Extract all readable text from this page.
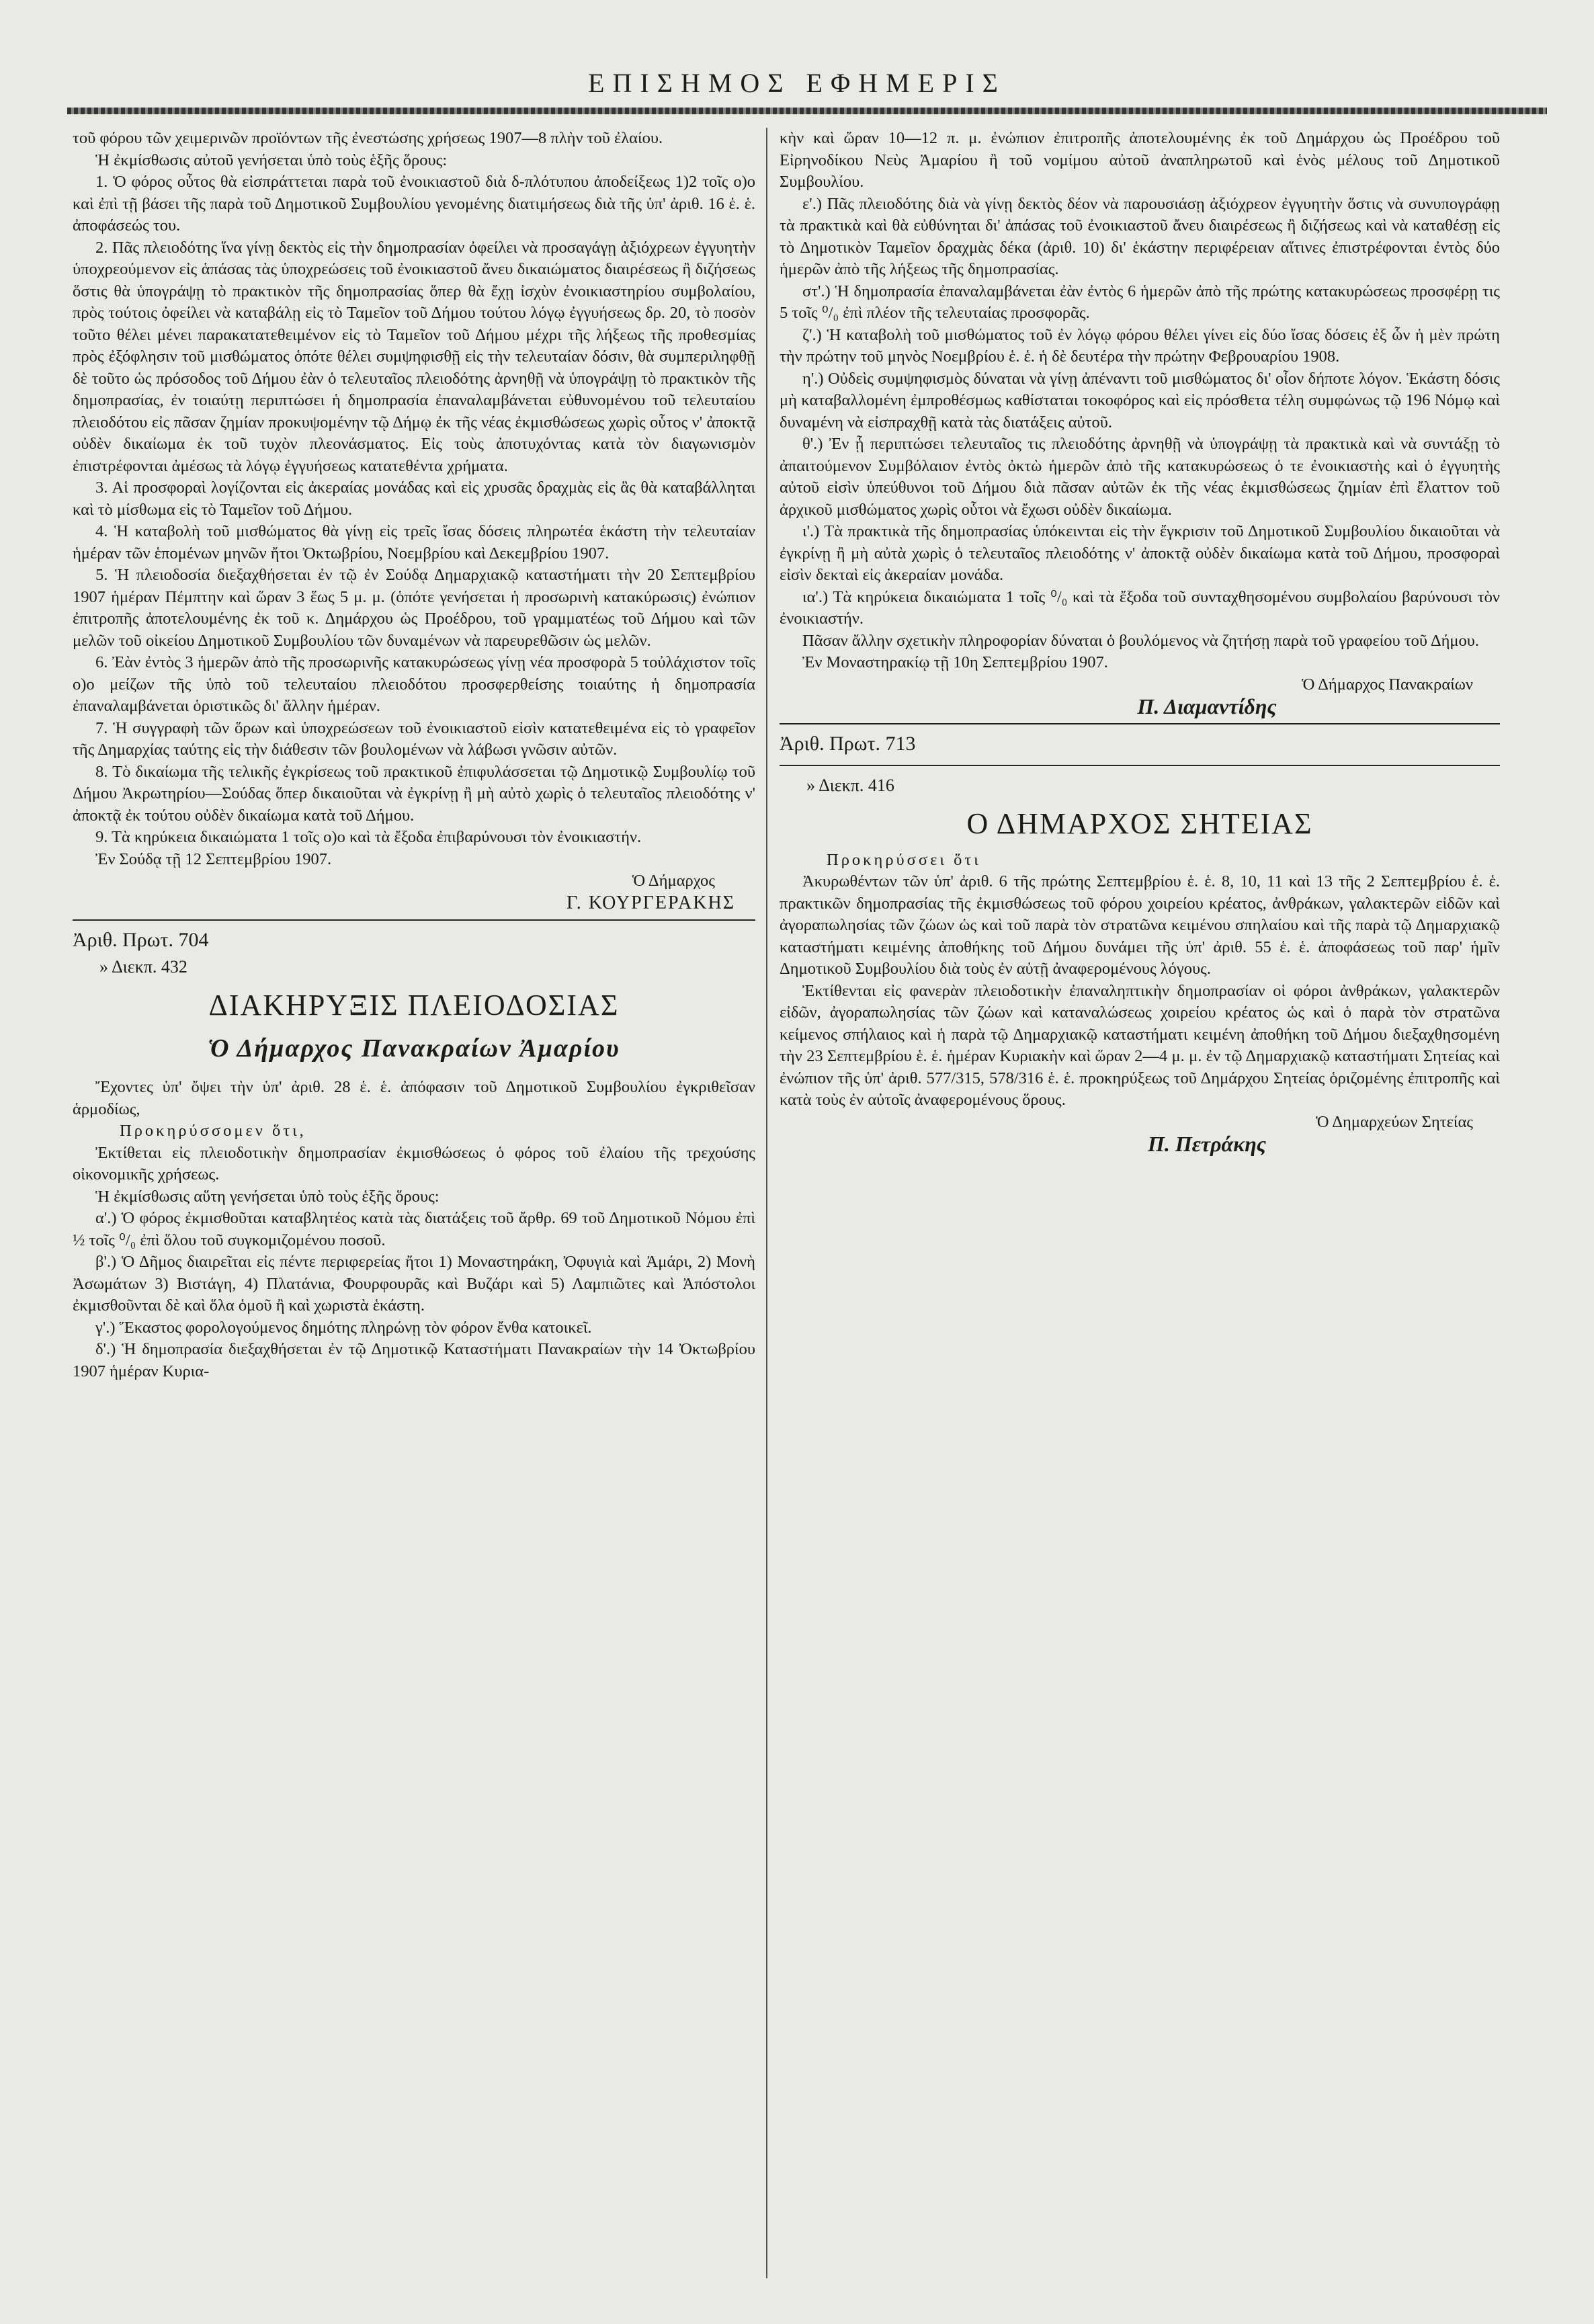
ΕΠΙΣΗΜΟΣ ΕΦΗΜΕΡΙΣ

τοῦ φόρου τῶν χειμερινῶν προϊόντων τῆς ἐνεστώσης χρήσεως 1907—8 πλὴν τοῦ ἐλαίου.

Ἡ ἐκμίσθωσις αὐτοῦ γενήσεται ὑπὸ τοὺς ἑξῆς ὅρους:

1. Ὁ φόρος οὗτος θὰ εἰσπράττεται παρὰ τοῦ ἐνοικιαστοῦ διὰ δ-πλότυπου ἀποδείξεως 1)2 τοῖς ο)ο καὶ ἐπὶ τῇ βάσει τῆς παρὰ τοῦ Δημοτικοῦ Συμβουλίου γενομένης διατιμήσεως διὰ τῆς ὑπ' ἀριθ. 16 ἑ. ἑ. ἀποφάσεώς του.

2. Πᾶς πλειοδότης ἵνα γίνῃ δεκτὸς εἰς τὴν δημοπρασίαν ὀφείλει νὰ προσαγάγῃ ἀξιόχρεων ἐγγυητὴν ὑποχρεούμενον εἰς ἁπάσας τὰς ὑποχρεώσεις τοῦ ἐνοικιαστοῦ ἄνευ δικαιώματος διαιρέσεως ἢ διζήσεως ὅστις θὰ ὑπογράψῃ τὸ πρακτικὸν τῆς δημοπρασίας ὅπερ θὰ ἔχῃ ἰσχὺν ἐνοικιαστηρίου συμβολαίου, πρὸς τούτοις ὀφείλει νὰ καταβάλῃ εἰς τὸ Ταμεῖον τοῦ Δήμου τούτου λόγῳ ἐγγυήσεως δρ. 20, τὸ ποσὸν τοῦτο θέλει μένει παρακατατεθειμένον εἰς τὸ Ταμεῖον τοῦ Δήμου μέχρι τῆς λήξεως τῆς προθεσμίας πρὸς ἐξόφλησιν τοῦ μισθώματος ὁπότε θέλει συμψηφισθῇ εἰς τὴν τελευταίαν δόσιν, θὰ συμπεριληφθῇ δὲ τοῦτο ὡς πρόσοδος τοῦ Δήμου ἐὰν ὁ τελευταῖος πλειοδότης ἀρνηθῇ νὰ ὑπογράψῃ τὸ πρακτικὸν τῆς δημοπρασίας, ἐν τοιαύτῃ περιπτώσει ἡ δημοπρασία ἐπαναλαμβάνεται εὐθυνομένου τοῦ τελευταίου πλειοδότου εἰς πᾶσαν ζημίαν προκυψομένην τῷ Δήμῳ ἐκ τῆς νέας ἐκμισθώσεως χωρὶς οὗτος ν' ἀποκτᾷ οὐδὲν δικαίωμα ἐκ τοῦ τυχὸν πλεονάσματος. Εἰς τοὺς ἀποτυχόντας κατὰ τὸν διαγωνισμὸν ἐπιστρέφονται ἀμέσως τὰ λόγῳ ἐγγυήσεως κατατεθέντα χρήματα.

3. Αἱ προσφοραὶ λογίζονται εἰς ἀκεραίας μονάδας καὶ εἰς χρυσᾶς δραχμὰς εἰς ἃς θὰ καταβάλληται καὶ τὸ μίσθωμα εἰς τὸ Ταμεῖον τοῦ Δήμου.

4. Ἡ καταβολὴ τοῦ μισθώματος θὰ γίνῃ εἰς τρεῖς ἴσας δόσεις πληρωτέα ἑκάστη τὴν τελευταίαν ἡμέραν τῶν ἑπομένων μηνῶν ἤτοι Ὀκτωβρίου, Νοεμβρίου καὶ Δεκεμβρίου 1907.

5. Ἡ πλειοδοσία διεξαχθήσεται ἐν τῷ ἐν Σούδᾳ Δημαρχιακῷ καταστήματι τὴν 20 Σεπτεμβρίου 1907 ἡμέραν Πέμπτην καὶ ὥραν 3 ἕως 5 μ. μ. (ὁπότε γενήσεται ἡ προσωρινὴ κατακύρωσις) ἐνώπιον ἐπιτροπῆς ἀποτελουμένης ἐκ τοῦ κ. Δημάρχου ὡς Προέδρου, τοῦ γραμματέως τοῦ Δήμου καὶ τῶν μελῶν τοῦ οἰκείου Δημοτικοῦ Συμβουλίου τῶν δυναμένων νὰ παρευρεθῶσιν ὡς μελῶν.

6. Ἐὰν ἐντὸς 3 ἡμερῶν ἀπὸ τῆς προσωρινῆς κατακυρώσεως γίνῃ νέα προσφορὰ 5 τοὐλάχιστον τοῖς ο)ο μείζων τῆς ὑπὸ τοῦ τελευταίου πλειοδότου προσφερθείσης τοιαύτης ἡ δημοπρασία ἐπαναλαμβάνεται ὁριστικῶς δι' ἄλλην ἡμέραν.

7. Ἡ συγγραφὴ τῶν ὅρων καὶ ὑποχρεώσεων τοῦ ἐνοικιαστοῦ εἰσὶν κατατεθειμένα εἰς τὸ γραφεῖον τῆς Δημαρχίας ταύτης εἰς τὴν διάθεσιν τῶν βουλομένων νὰ λάβωσι γνῶσιν αὐτῶν.

8. Τὸ δικαίωμα τῆς τελικῆς ἐγκρίσεως τοῦ πρακτικοῦ ἐπιφυλάσσεται τῷ Δημοτικῷ Συμβουλίῳ τοῦ Δήμου Ἀκρωτηρίου—Σούδας ὅπερ δικαιοῦται νὰ ἐγκρίνῃ ἢ μὴ αὐτὸ χωρὶς ὁ τελευταῖος πλειοδότης ν' ἀποκτᾷ ἐκ τούτου οὐδὲν δικαίωμα κατὰ τοῦ Δήμου.

9. Τὰ κηρύκεια δικαιώματα 1 τοῖς ο)ο καὶ τὰ ἔξοδα ἐπιβαρύνουσι τὸν ἐνοικιαστήν.

Ἐν Σούδᾳ τῇ 12 Σεπτεμβρίου 1907.

Ὁ Δήμαρχος

Γ. ΚΟΥΡΓΕΡΑΚΗΣ

Ἀριθ. Πρωτ. 704

» Διεκπ. 432

ΔΙΑΚΗΡΥΞΙΣ ΠΛΕΙΟΔΟΣΙΑΣ

Ὁ Δήμαρχος Πανακραίων Ἀμαρίου

Ἔχοντες ὑπ' ὄψει τὴν ὑπ' ἀριθ. 28 ἑ. ἑ. ἀπόφασιν τοῦ Δημοτικοῦ Συμβουλίου ἐγκριθεῖσαν ἁρμοδίως,

Προκηρύσσομεν ὅτι,

Ἐκτίθεται εἰς πλειοδοτικὴν δημοπρασίαν ἐκμισθώσεως ὁ φόρος τοῦ ἐλαίου τῆς τρεχούσης οἰκονομικῆς χρήσεως.

Ἡ ἐκμίσθωσις αὕτη γενήσεται ὑπὸ τοὺς ἑξῆς ὅρους:

α'.) Ὁ φόρος ἐκμισθοῦται καταβλητέος κατὰ τὰς διατάξεις τοῦ ἄρθρ. 69 τοῦ Δημοτικοῦ Νόμου ἐπὶ ½ τοῖς ⁰/₀ ἐπὶ ὅλου τοῦ συγκομιζομένου ποσοῦ.

β'.) Ὁ Δῆμος διαιρεῖται εἰς πέντε περιφερείας ἤτοι 1) Μοναστηράκη, Ὀφυγιὰ καὶ Ἀμάρι, 2) Μονὴ Ἀσωμάτων 3) Βιστάγη, 4) Πλατάνια, Φουρφουρᾶς καὶ Βυζάρι καὶ 5) Λαμπιῶτες καὶ Ἀπόστολοι ἐκμισθοῦνται δὲ καὶ ὅλα ὁμοῦ ἢ καὶ χωριστὰ ἑκάστη.

γ'.) Ἕκαστος φορολογούμενος δημότης πληρώνῃ τὸν φόρον ἔνθα κατοικεῖ.

δ'.) Ἡ δημοπρασία διεξαχθήσεται ἐν τῷ Δημοτικῷ Καταστήματι Πανακραίων τὴν 14 Ὀκτωβρίου 1907 ἡμέραν Κυρια-

κὴν καὶ ὥραν 10—12 π. μ. ἐνώπιον ἐπιτροπῆς ἀποτελουμένης ἐκ τοῦ Δημάρχου ὡς Προέδρου τοῦ Εἰρηνοδίκου Νεὺς Ἀμαρίου ἢ τοῦ νομίμου αὐτοῦ ἀναπληρωτοῦ καὶ ἑνὸς μέλους τοῦ Δημοτικοῦ Συμβουλίου.

ε'.) Πᾶς πλειοδότης διὰ νὰ γίνῃ δεκτὸς δέον νὰ παρουσιάσῃ ἀξιόχρεον ἐγγυητὴν ὅστις νὰ συνυπογράφῃ τὰ πρακτικὰ καὶ θὰ εὐθύνηται δι' ἁπάσας τοῦ ἐνοικιαστοῦ ἄνευ διαιρέσεως ἢ διζήσεως καὶ νὰ καταθέσῃ εἰς τὸ Δημοτικὸν Ταμεῖον δραχμὰς δέκα (ἀριθ. 10) δι' ἑκάστην περιφέρειαν αἵτινες ἐπιστρέφονται ἐντὸς δύο ἡμερῶν ἀπὸ τῆς λήξεως τῆς δημοπρασίας.

στ'.) Ἡ δημοπρασία ἐπαναλαμβάνεται ἐὰν ἐντὸς 6 ἡμερῶν ἀπὸ τῆς πρώτης κατακυρώσεως προσφέρῃ τις 5 τοῖς ⁰/₀ ἐπὶ πλέον τῆς τελευταίας προσφορᾶς.

ζ'.) Ἡ καταβολὴ τοῦ μισθώματος τοῦ ἐν λόγῳ φόρου θέλει γίνει εἰς δύο ἴσας δόσεις ἐξ ὧν ἡ μὲν πρώτη τὴν πρώτην τοῦ μηνὸς Νοεμβρίου ἑ. ἑ. ἡ δὲ δευτέρα τὴν πρώτην Φεβρουαρίου 1908.

η'.) Οὐδεὶς συμψηφισμὸς δύναται νὰ γίνῃ ἀπέναντι τοῦ μισθώματος δι' οἷον δήποτε λόγον. Ἑκάστη δόσις μὴ καταβαλλομένη ἐμπροθέσμως καθίσταται τοκοφόρος καὶ εἰς πρόσθετα τέλη συμφώνως τῷ 196 Νόμῳ καὶ δυναμένη νὰ εἰσπραχθῇ κατὰ τὰς διατάξεις αὐτοῦ.

θ'.) Ἐν ᾗ περιπτώσει τελευταῖος τις πλειοδότης ἀρνηθῇ νὰ ὑπογράψῃ τὰ πρακτικὰ καὶ νὰ συντάξῃ τὸ ἀπαιτούμενον Συμβόλαιον ἐντὸς ὀκτὼ ἡμερῶν ἀπὸ τῆς κατακυρώσεως ὁ τε ἐνοικιαστὴς καὶ ὁ ἐγγυητὴς αὐτοῦ εἰσὶν ὑπεύθυνοι τοῦ Δήμου διὰ πᾶσαν αὐτῶν ἐκ τῆς νέας ἐκμισθώσεως ζημίαν ἐπὶ ἔλαττον τοῦ ἀρχικοῦ μισθώματος χωρὶς οὗτοι νὰ ἔχωσι οὐδὲν δικαίωμα.

ι'.) Τὰ πρακτικὰ τῆς δημοπρασίας ὑπόκεινται εἰς τὴν ἔγκρισιν τοῦ Δημοτικοῦ Συμβουλίου δικαιοῦται νὰ ἐγκρίνῃ ἢ μὴ αὐτὰ χωρὶς ὁ τελευταῖος πλειοδότης ν' ἀποκτᾷ οὐδὲν δικαίωμα κατὰ τοῦ Δήμου, προσφοραὶ εἰσὶν δεκταὶ εἰς ἀκεραίαν μονάδα.

ια'.) Τὰ κηρύκεια δικαιώματα 1 τοῖς ⁰/₀ καὶ τὰ ἔξοδα τοῦ συνταχθησομένου συμβολαίου βαρύνουσι τὸν ἐνοικιαστήν.

Πᾶσαν ἄλλην σχετικὴν πληροφορίαν δύναται ὁ βουλόμενος νὰ ζητήσῃ παρὰ τοῦ γραφείου τοῦ Δήμου.

Ἐν Μοναστηρακίῳ τῇ 10η Σεπτεμβρίου 1907.

Ὁ Δήμαρχος Πανακραίων

Π. Διαμαντίδης

Ἀριθ. Πρωτ. 713

» Διεκπ. 416

Ο ΔΗΜΑΡΧΟΣ ΣΗΤΕΙΑΣ

Προκηρύσσει ὅτι

Ἀκυρωθέντων τῶν ὑπ' ἀριθ. 6 τῆς πρώτης Σεπτεμβρίου ἑ. ἑ. 8, 10, 11 καὶ 13 τῆς 2 Σεπτεμβρίου ἑ. ἑ. πρακτικῶν δημοπρασίας τῆς ἐκμισθώσεως τοῦ φόρου χοιρείου κρέατος, ἀνθράκων, γαλακτερῶν εἰδῶν καὶ ἀγοραπωλησίας τῶν ζώων ὡς καὶ τοῦ παρὰ τὸν στρατῶνα κειμένου σπηλαίου καὶ τῆς παρὰ τῷ Δημαρχιακῷ καταστήματι κειμένης ἀποθήκης τοῦ Δήμου δυνάμει τῆς ὑπ' ἀριθ. 55 ἑ. ἑ. ἀποφάσεως τοῦ παρ' ἡμῖν Δημοτικοῦ Συμβουλίου διὰ τοὺς ἐν αὐτῇ ἀναφερομένους λόγους.

Ἐκτίθενται εἰς φανερὰν πλειοδοτικὴν ἐπαναληπτικὴν δημοπρασίαν οἱ φόροι ἀνθράκων, γαλακτερῶν εἰδῶν, ἀγοραπωλησίας τῶν ζώων καὶ καταναλώσεως χοιρείου κρέατος ὡς καὶ ὁ παρὰ τὸν στρατῶνα κείμενος σπήλαιος καὶ ἡ παρὰ τῷ Δημαρχιακῷ καταστήματι κειμένη ἀποθήκη τοῦ Δήμου διεξαχθησομένη τὴν 23 Σεπτεμβρίου ἑ. ἑ. ἡμέραν Κυριακὴν καὶ ὥραν 2—4 μ. μ. ἐν τῷ Δημαρχιακῷ καταστήματι Σητείας καὶ ἐνώπιον τῆς ὑπ' ἀριθ. 577/315, 578/316 ἑ. ἑ. προκηρύξεως τοῦ Δημάρχου Σητείας ὁριζομένης ἐπιτροπῆς καὶ κατὰ τοὺς ἐν αὐτοῖς ἀναφερομένους ὅρους.

Ὁ Δημαρχεύων Σητείας

Π. Πετράκης
